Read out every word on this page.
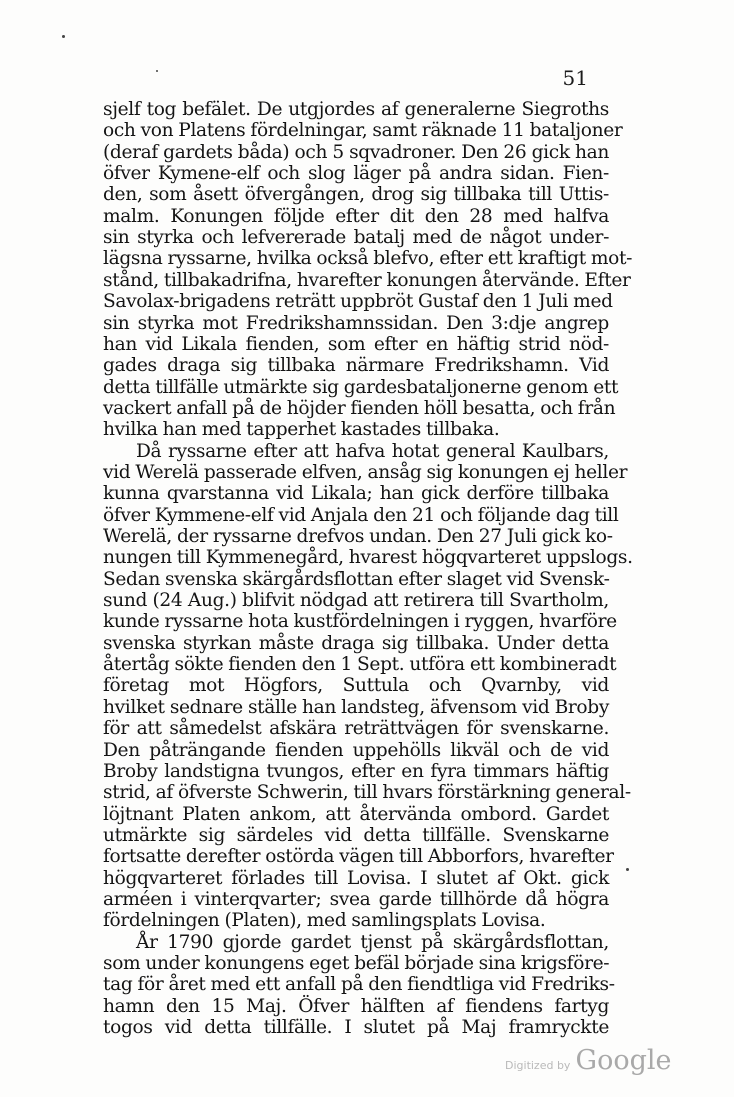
51
sjelf tog befälet. De utgjordes af generalerne Siegroths
och von Platens fördelningar, samt räknade 11 bataljoner
(deraf gardets båda) och 5 sqvadroner. Den 26 gick han
öfver Kymene-elf och slog läger på andra sidan. Fien-
den, som åsett öfvergången, drog sig tillbaka till Uttis-
malm. Konungen följde efter dit den 28 med halfva
sin styrka och lefvererade batalj med de något under-
lägsna ryssarne, hvilka också blefvo, efter ett kraftigt mot-
stånd, tillbakadrifna, hvarefter konungen återvände. Efter
Savolax-brigadens reträtt uppbröt Gustaf den 1 Juli med
sin styrka mot Fredrikshamnssidan. Den 3:dje angrep
han vid Likala fienden, som efter en häftig strid nöd-
gades draga sig tillbaka närmare Fredrikshamn. Vid
detta tillfälle utmärkte sig gardesbataljonerne genom ett
vackert anfall på de höjder fienden höll besatta, och från
hvilka han med tapperhet kastades tillbaka.
Då ryssarne efter att hafva hotat general Kaulbars,
vid Werelä passerade elfven, ansåg sig konungen ej heller
kunna qvarstanna vid Likala; han gick derföre tillbaka
öfver Kymmene-elf vid Anjala den 21 och följande dag till
Werelä, der ryssarne drefvos undan. Den 27 Juli gick ko-
nungen till Kymmenegård, hvarest högqvarteret uppslogs.
Sedan svenska skärgårdsflottan efter slaget vid Svensk-
sund (24 Aug.) blifvit nödgad att retirera till Svartholm,
kunde ryssarne hota kustfördelningen i ryggen, hvarföre
svenska styrkan måste draga sig tillbaka. Under detta
återtåg sökte fienden den 1 Sept. utföra ett kombineradt
företag mot Högfors, Suttula och Qvarnby, vid
hvilket sednare ställe han landsteg, äfvensom vid Broby
för att såmedelst afskära reträttvägen för svenskarne.
Den påträngande fienden uppehölls likväl och de vid
Broby landstigna tvungos, efter en fyra timmars häftig
strid, af öfverste Schwerin, till hvars förstärkning general-
löjtnant Platen ankom, att återvända ombord. Gardet
utmärkte sig särdeles vid detta tillfälle. Svenskarne
fortsatte derefter ostörda vägen till Abborfors, hvarefter
högqvarteret förlades till Lovisa. I slutet af Okt. gick
arméen i vinterqvarter; svea garde tillhörde då högra
fördelningen (Platen), med samlingsplats Lovisa.
År 1790 gjorde gardet tjenst på skärgårdsflottan,
som under konungens eget befäl började sina krigsföre-
tag för året med ett anfall på den fiendtliga vid Fredriks-
hamn den 15 Maj. Öfver hälften af fiendens fartyg
togos vid detta tillfälle. I slutet på Maj framryckte
Digitized by Google
